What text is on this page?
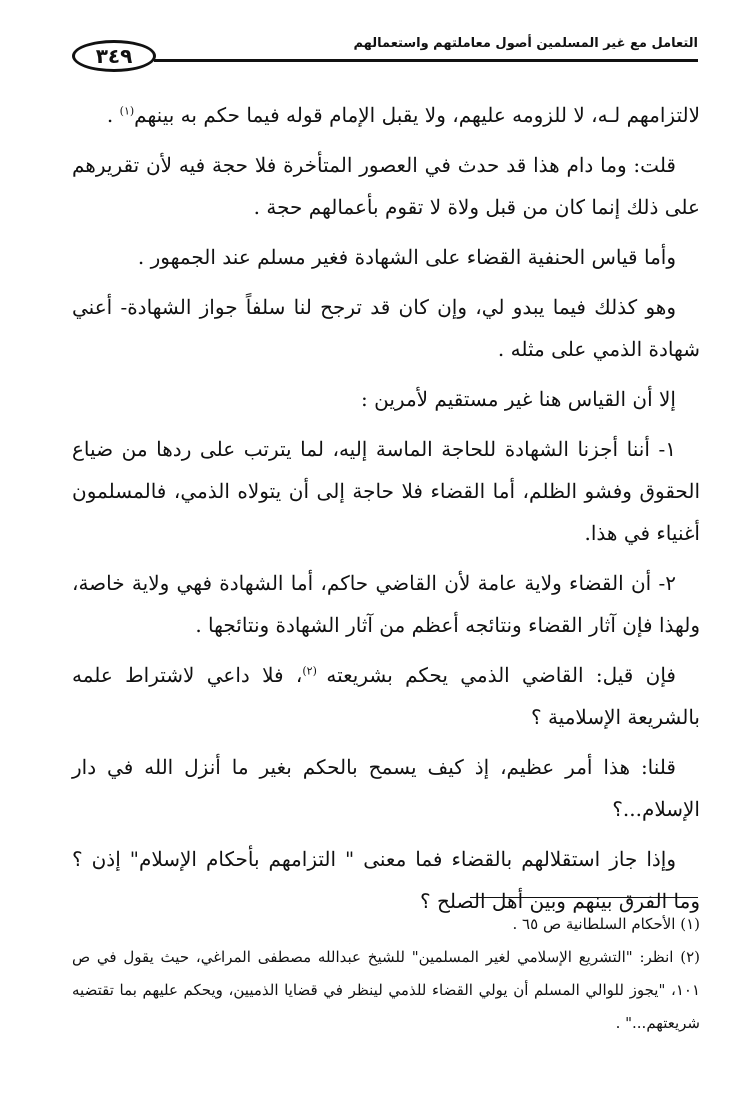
٣٤٩
التعامل مع غير المسلمين أصول معاملتهم واستعمالهم

لالتزامهم لـه، لا للزومه عليهم، ولا يقبل الإمام قوله فيما حكم به بينهم$^{(١)}$ .

قلت: وما دام هذا قد حدث في العصور المتأخرة فلا حجة فيه لأن تقريرهم على ذلك إنما كان من قبل ولاة لا تقوم بأعمالهم حجة .

وأما قياس الحنفية القضاء على الشهادة فغير مسلم عند الجمهور .

وهو كذلك فيما يبدو لي، وإن كان قد ترجح لنا سلفاً جواز الشهادة- أعني شهادة الذمي على مثله .

إلا أن القياس هنا غير مستقيم لأمرين :

١- أننا أجزنا الشهادة للحاجة الماسة إليه، لما يترتب على ردها من ضياع الحقوق وفشو الظلم، أما القضاء فلا حاجة إلى أن يتولاه الذمي، فالمسلمون أغنياء في هذا.

٢- أن القضاء ولاية عامة لأن القاضي حاكم، أما الشهادة فهي ولاية خاصة، ولهذا فإن آثار القضاء ونتائجه أعظم من آثار الشهادة ونتائجها .

فإن قيل: القاضي الذمي يحكم بشريعته $^{(٢)}$، فلا داعي لاشتراط علمه بالشريعة الإسلامية ؟

قلنا: هذا أمر عظيم، إذ كيف يسمح بالحكم بغير ما أنزل الله في دار الإسلام...؟

وإذا جاز استقلالهم بالقضاء فما معنى " التزامهم بأحكام الإسلام" إذن ؟ وما الفرق بينهم وبين أهل الصلح ؟

(١) الأحكام السلطانية ص ٦٥ .

(٢) انظر: "التشريع الإسلامي لغير المسلمين" للشيخ عبدالله مصطفى المراغي، حيث يقول في ص ١٠١، "يجوز للوالي المسلم أن يولي القضاء للذمي لينظر في قضايا الذميين، ويحكم عليهم بما تقتضيه شريعتهم..." .
